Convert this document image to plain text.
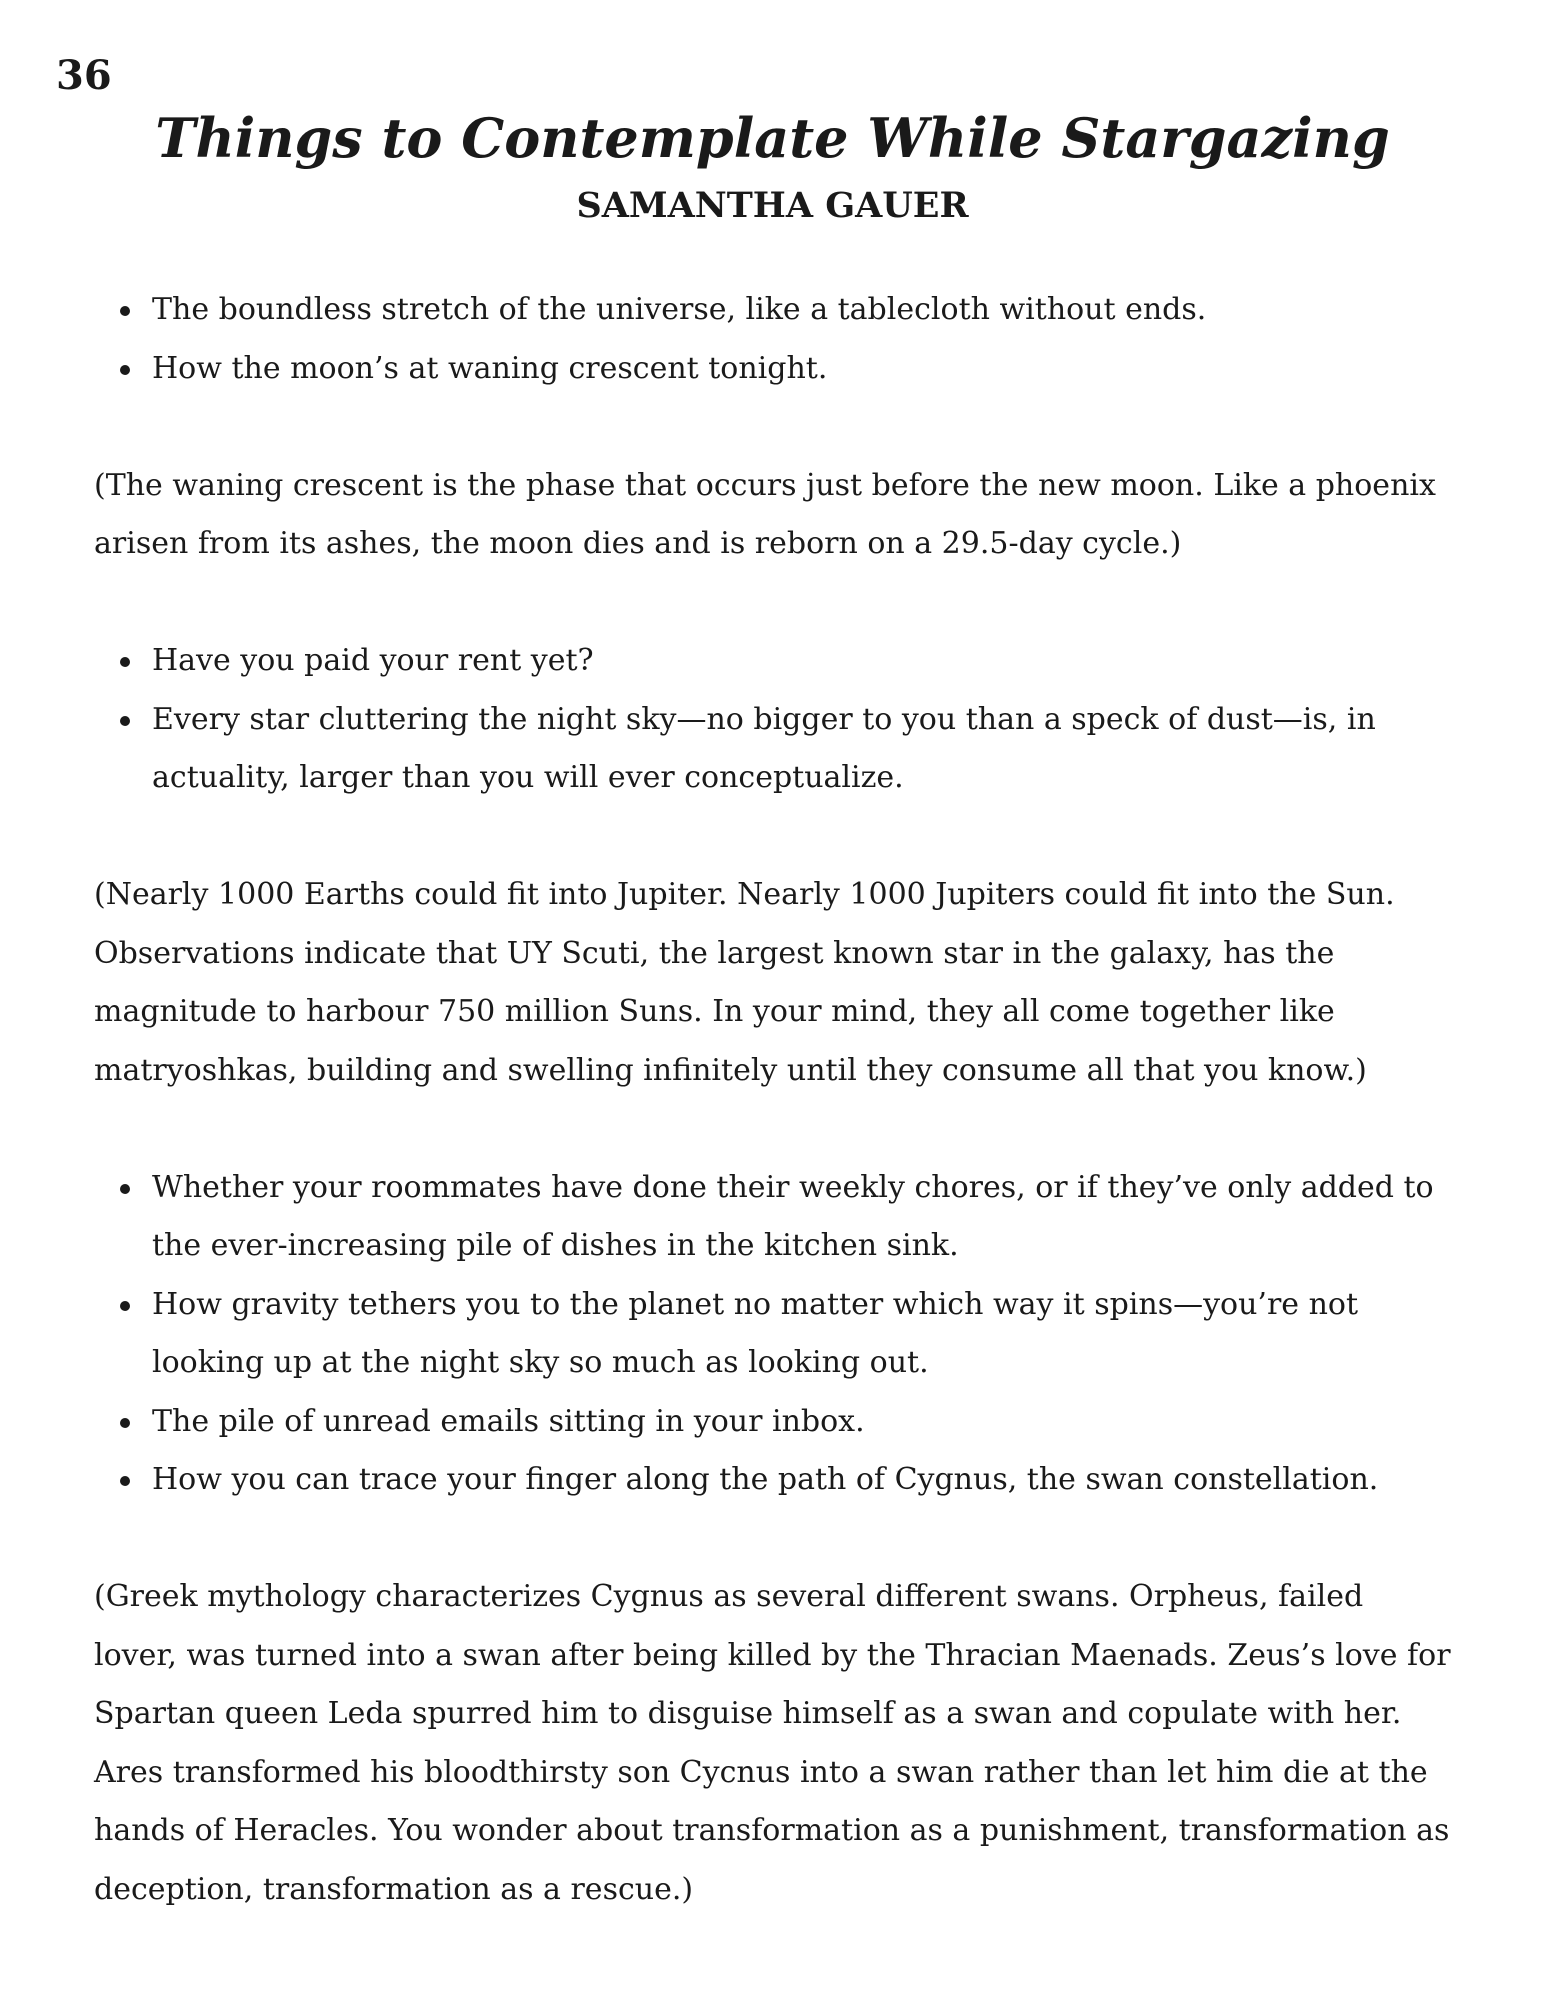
36
Things to Contemplate While Stargazing
SAMANTHA GAUER
The boundless stretch of the universe, like a tablecloth without ends.
How the moon’s at waning crescent tonight.

(The waning crescent is the phase that occurs just before the new moon. Like a phoenix arisen from its ashes, the moon dies and is reborn on a 29.5-day cycle.)

Have you paid your rent yet?
Every star cluttering the night sky—no bigger to you than a speck of dust—is, in actuality, larger than you will ever conceptualize.

(Nearly 1000 Earths could fit into Jupiter. Nearly 1000 Jupiters could fit into the Sun. Observations indicate that UY Scuti, the largest known star in the galaxy, has the magnitude to harbour 750 million Suns. In your mind, they all come together like matryoshkas, building and swelling infinitely until they consume all that you know.)

Whether your roommates have done their weekly chores, or if they’ve only added to the ever-increasing pile of dishes in the kitchen sink.
How gravity tethers you to the planet no matter which way it spins—you’re not looking up at the night sky so much as looking out.
The pile of unread emails sitting in your inbox.
How you can trace your finger along the path of Cygnus, the swan constellation.

(Greek mythology characterizes Cygnus as several different swans. Orpheus, failed lover, was turned into a swan after being killed by the Thracian Maenads. Zeus’s love for Spartan queen Leda spurred him to disguise himself as a swan and copulate with her. Ares transformed his bloodthirsty son Cycnus into a swan rather than let him die at the hands of Heracles. You wonder about transformation as a punishment, transformation as deception, transformation as a rescue.)
